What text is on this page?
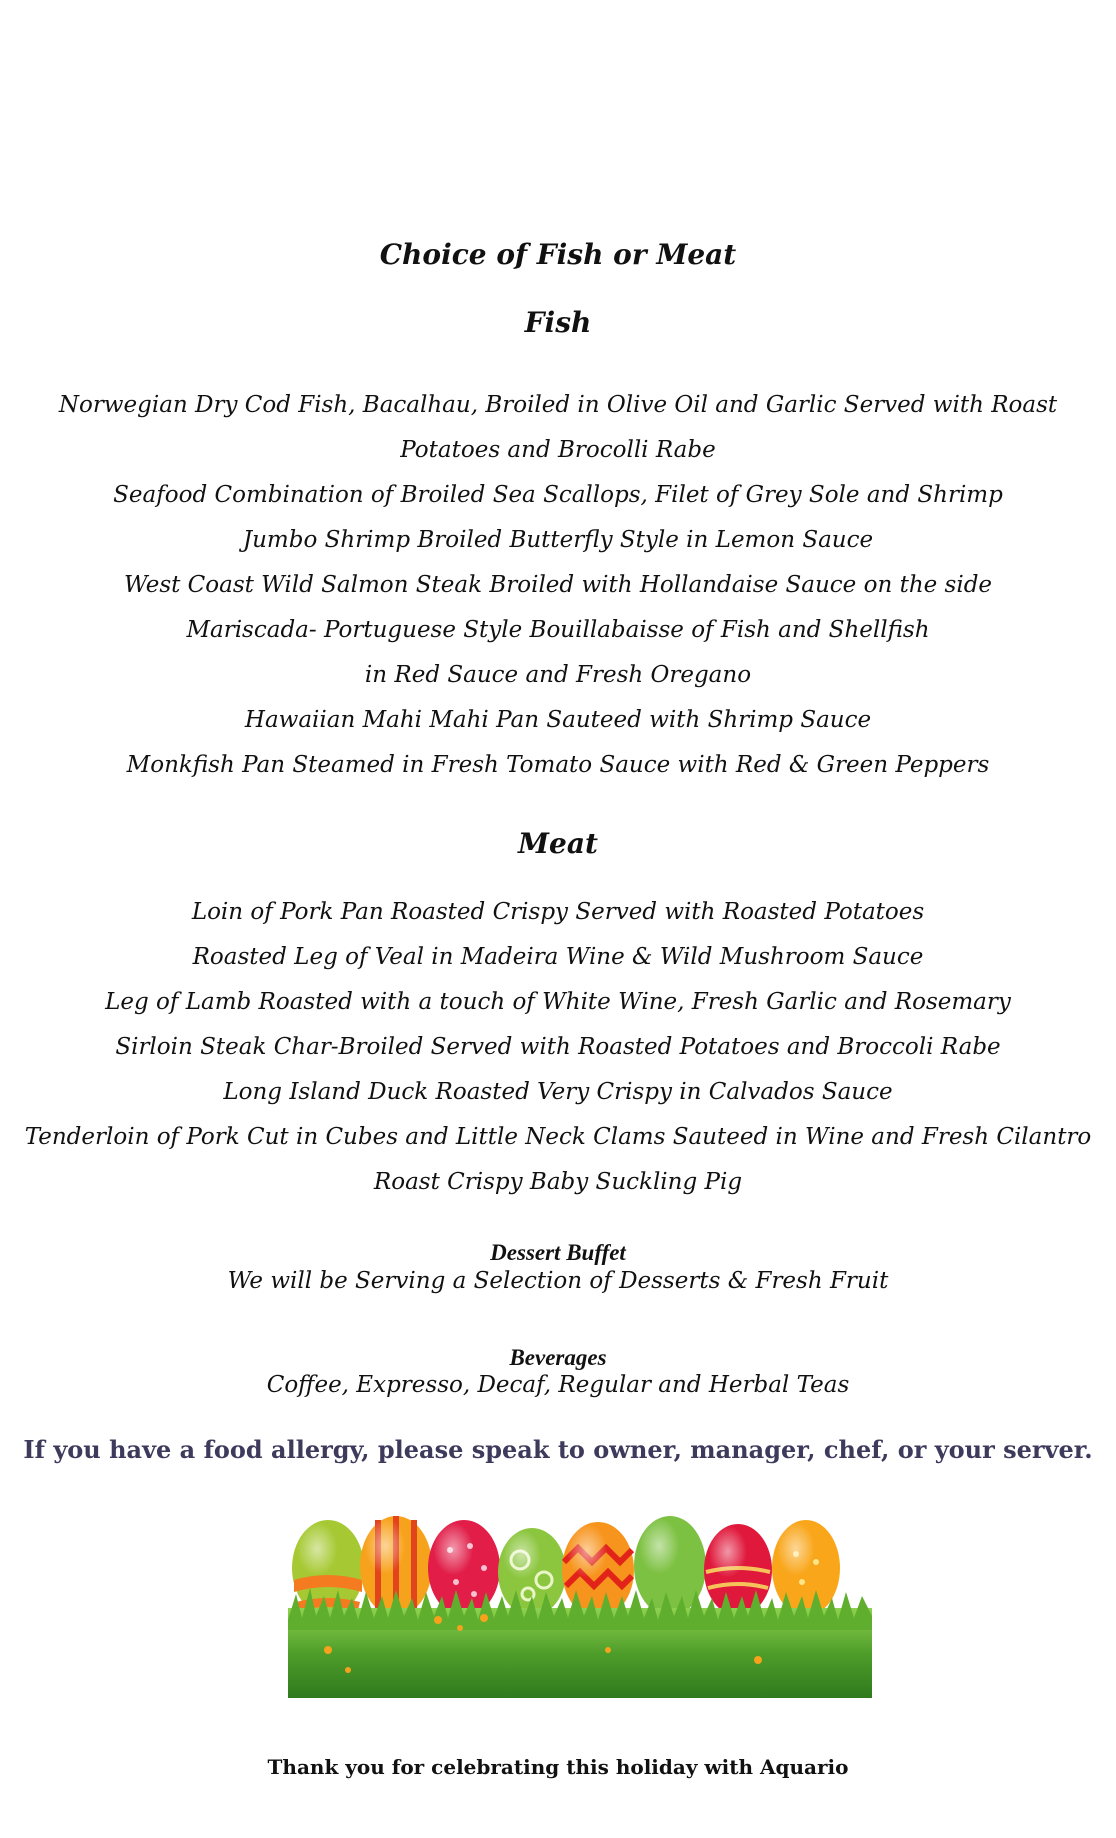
Choice of Fish or Meat
Fish
Norwegian Dry Cod Fish, Bacalhau, Broiled in Olive Oil and Garlic Served with Roast
Potatoes and Brocolli Rabe
Seafood Combination of Broiled Sea Scallops, Filet of Grey Sole and Shrimp
Jumbo Shrimp Broiled Butterfly Style in Lemon Sauce
West Coast Wild Salmon Steak Broiled with Hollandaise Sauce on the side
Mariscada- Portuguese Style Bouillabaisse of Fish and Shellfish
in Red Sauce and Fresh Oregano
Hawaiian Mahi Mahi Pan Sauteed with Shrimp Sauce
Monkfish Pan Steamed in Fresh Tomato Sauce with Red & Green Peppers
Meat
Loin of Pork Pan Roasted Crispy Served with Roasted Potatoes
Roasted Leg of Veal in Madeira Wine & Wild Mushroom Sauce
Leg of Lamb Roasted with a touch of White Wine, Fresh Garlic and Rosemary
Sirloin Steak Char-Broiled Served with Roasted Potatoes and Broccoli Rabe
Long Island Duck Roasted Very Crispy in Calvados Sauce
Tenderloin of Pork Cut in Cubes and Little Neck Clams Sauteed in Wine and Fresh Cilantro
Roast Crispy Baby Suckling Pig
Dessert Buffet
We will be Serving a Selection of Desserts & Fresh Fruit
Beverages
Coffee, Expresso, Decaf, Regular and Herbal Teas
If you have a food allergy, please speak to owner, manager, chef, or your server.
Thank you for celebrating this holiday with Aquario
